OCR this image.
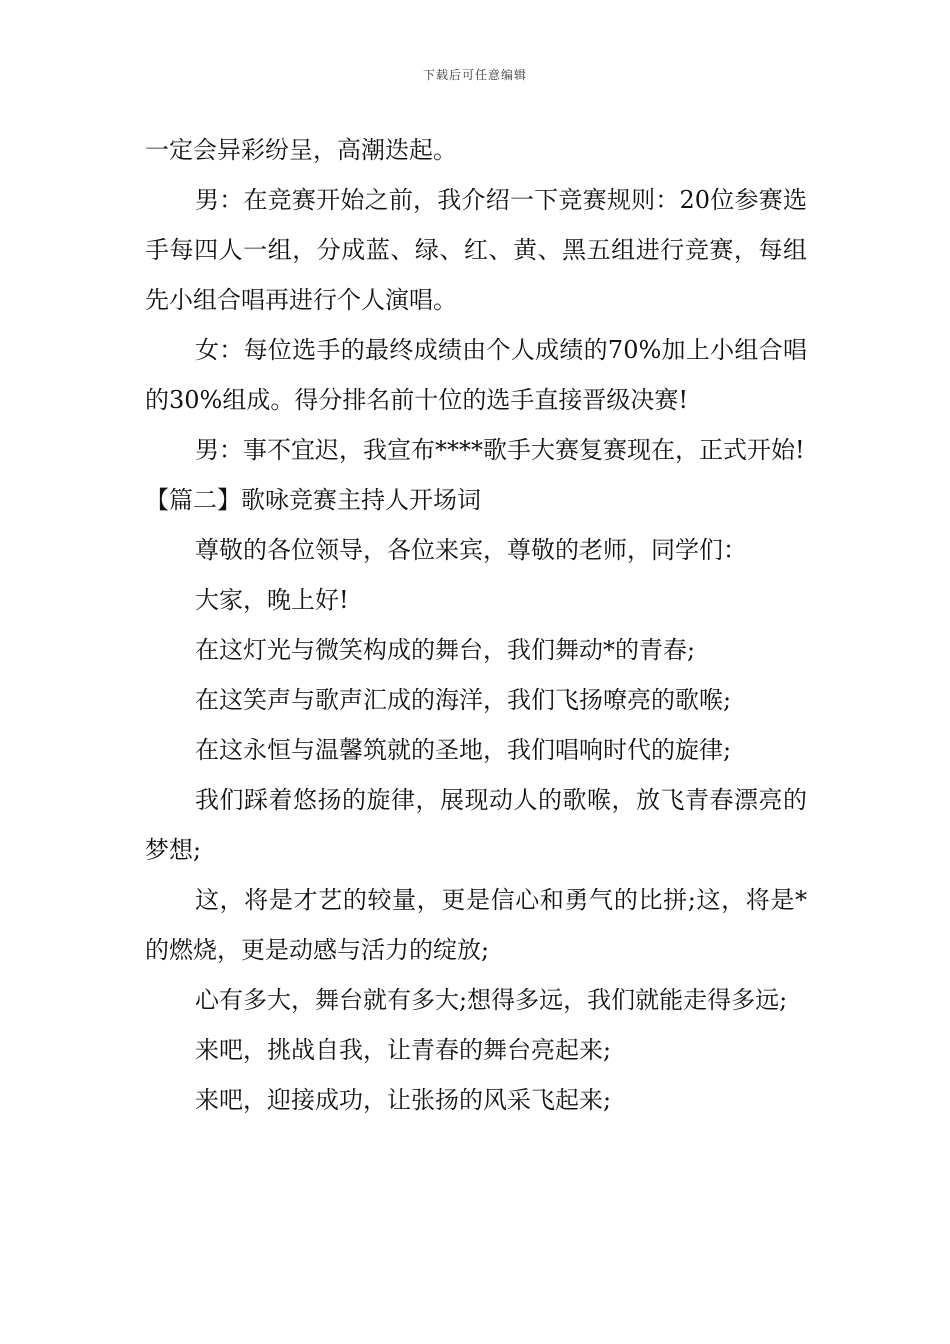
下载后可任意编辑

一定会异彩纷呈，高潮迭起。

男：在竞赛开始之前，我介绍一下竞赛规则：20位参赛选手每四人一组，分成蓝、绿、红、黄、黑五组进行竞赛，每组先小组合唱再进行个人演唱。

女：每位选手的最终成绩由个人成绩的70%加上小组合唱的30%组成。得分排名前十位的选手直接晋级决赛!

男：事不宜迟，我宣布****歌手大赛复赛现在，正式开始!

【篇二】歌咏竞赛主持人开场词

尊敬的各位领导，各位来宾，尊敬的老师，同学们：

大家，晚上好!

在这灯光与微笑构成的舞台，我们舞动*的青春;

在这笑声与歌声汇成的海洋，我们飞扬嘹亮的歌喉;

在这永恒与温馨筑就的圣地，我们唱响时代的旋律;

我们踩着悠扬的旋律，展现动人的歌喉，放飞青春漂亮的梦想;

这，将是才艺的较量，更是信心和勇气的比拼;这，将是*的燃烧，更是动感与活力的绽放;

心有多大，舞台就有多大;想得多远，我们就能走得多远;

来吧，挑战自我，让青春的舞台亮起来;

来吧，迎接成功，让张扬的风采飞起来;
